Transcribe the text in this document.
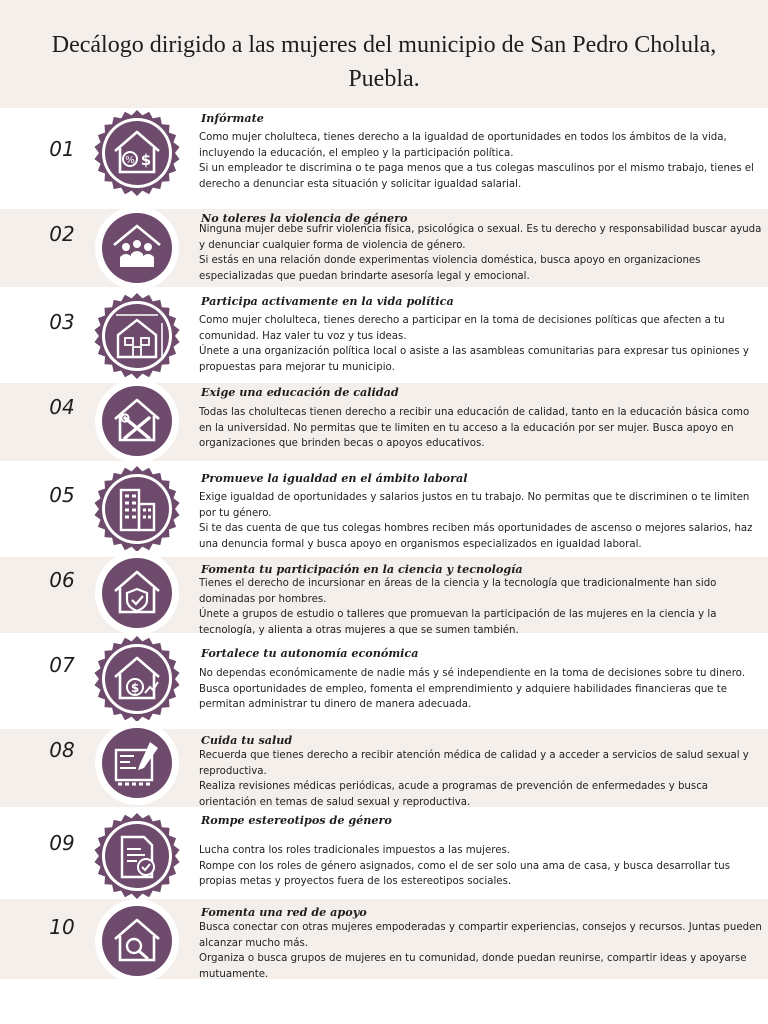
Decálogo dirigido a las mujeres del municipio de San Pedro Cholula, Puebla.
01	% $
Infórmate

Como mujer cholulteca, tienes derecho a la igualdad de oportunidades en todos los ámbitos de la vida, incluyendo la educación, el empleo y la participación política.

Si un empleador te discrimina o te paga menos que a tus colegas masculinos por el mismo trabajo, tienes el derecho a denunciar esta situación y solicitar igualdad salarial.

02
No toleres la violencia de género

Ninguna mujer debe sufrir violencia física, psicológica o sexual. Es tu derecho y responsabilidad buscar ayuda y denunciar cualquier forma de violencia de género.

Si estás en una relación donde experimentas violencia doméstica, busca apoyo en organizaciones especializadas que puedan brindarte asesoría legal y emocional.

03
Participa activamente en la vida política

Como mujer cholulteca, tienes derecho a participar en la toma de decisiones políticas que afecten a tu comunidad. Haz valer tu voz y tus ideas.

Únete a una organización política local o asiste a las asambleas comunitarias para expresar tus opiniones y propuestas para mejorar tu municipio.

04
Exige una educación de calidad

Todas las cholultecas tienen derecho a recibir una educación de calidad, tanto en la educación básica como en la universidad. No permitas que te limiten en tu acceso a la educación por ser mujer. Busca apoyo en organizaciones que brinden becas o apoyos educativos.

05
Promueve la igualdad en el ámbito laboral

Exige igualdad de oportunidades y salarios justos en tu trabajo. No permitas que te discriminen o te limiten por tu género.

Si te das cuenta de que tus colegas hombres reciben más oportunidades de ascenso o mejores salarios, haz una denuncia formal y busca apoyo en organismos especializados en igualdad laboral.

06	Fomenta tu participación en la ciencia y tecnología

Tienes el derecho de incursionar en áreas de la ciencia y la tecnología que tradicionalmente han sido dominadas por hombres.

Únete a grupos de estudio o talleres que promuevan la participación de las mujeres en la ciencia y la tecnología, y alienta a otras mujeres a que se sumen también.

07
$
Fortalece tu autonomía económica

No dependas económicamente de nadie más y sé independiente en la toma de decisiones sobre tu dinero.

Busca oportunidades de empleo, fomenta el emprendimiento y adquiere habilidades financieras que te permitan administrar tu dinero de manera adecuada.

08	Cuida tu salud

Recuerda que tienes derecho a recibir atención médica de calidad y a acceder a servicios de salud sexual y reproductiva.

Realiza revisiones médicas periódicas, acude a programas de prevención de enfermedades y busca orientación en temas de salud sexual y reproductiva.

09
Rompe estereotipos de género

Lucha contra los roles tradicionales impuestos a las mujeres.

Rompe con los roles de género asignados, como el de ser solo una ama de casa, y busca desarrollar tus propias metas y proyectos fuera de los estereotipos sociales.

10
Fomenta una red de apoyo

Busca conectar con otras mujeres empoderadas y compartir experiencias, consejos y recursos. Juntas pueden alcanzar mucho más.

Organiza o busca grupos de mujeres en tu comunidad, donde puedan reunirse, compartir ideas y apoyarse mutuamente.
